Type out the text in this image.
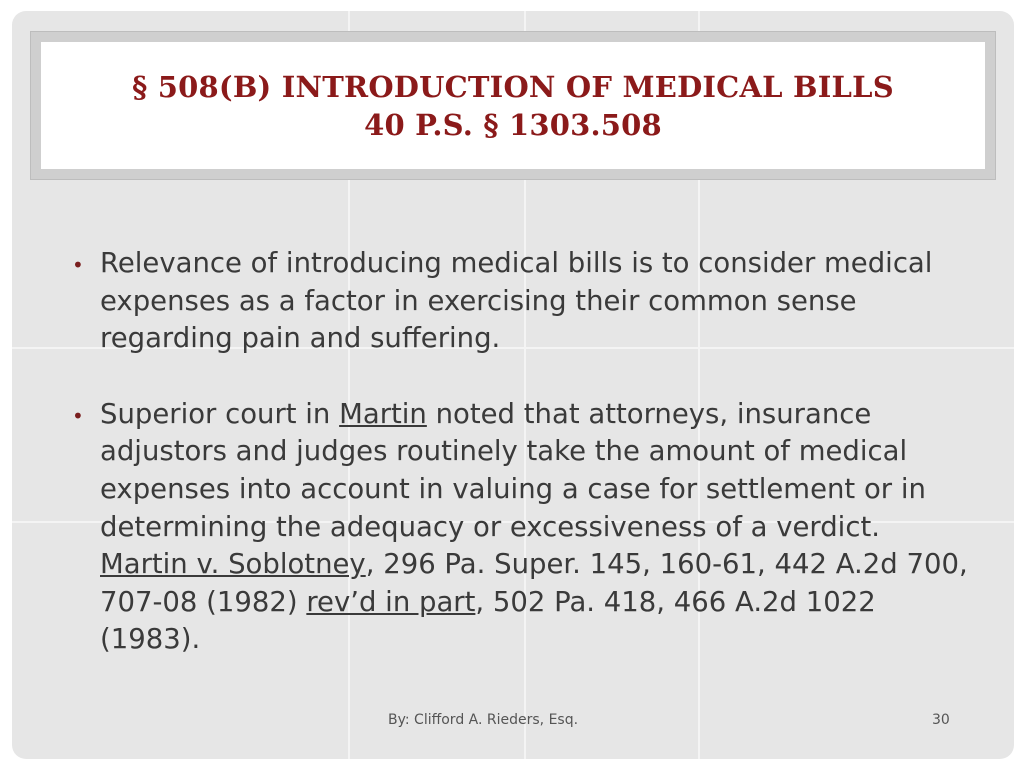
§ 508(B) INTRODUCTION OF MEDICAL BILLS
40 P.S. § 1303.508
• Relevance of introducing medical bills is to consider medical expenses as a factor in exercising their common sense regarding pain and suffering.
• Superior court in Martin noted that attorneys, insurance adjustors and judges routinely take the amount of medical expenses into account in valuing a case for settlement or in determining the adequacy or excessiveness of a verdict. Martin v. Soblotney, 296 Pa. Super. 145, 160-61, 442 A.2d 700, 707-08 (1982) rev’d in part, 502 Pa. 418, 466 A.2d 1022 (1983).
By: Clifford A. Rieders, Esq.	30
